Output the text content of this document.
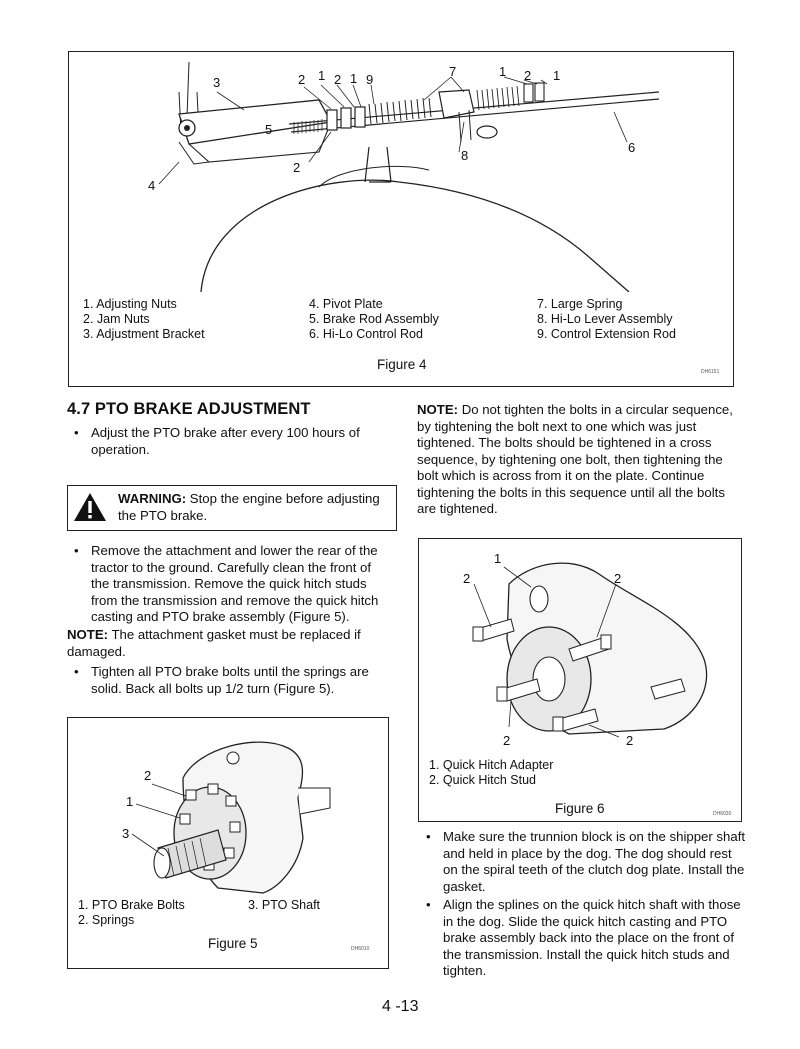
3	2 1 2 1 9
7	1 2 1
5
2
8
6
4
1. Adjusting Nuts
2. Jam Nuts
3. Adjustment Bracket
4. Pivot Plate
5. Brake Rod Assembly
6. Hi-Lo Control Rod
7. Large Spring
8. Hi-Lo Lever Assembly
9. Control Extension Rod
Figure 4	DH6151
4.7 PTO BRAKE ADJUSTMENT
• Adjust the PTO brake after every 100 hours of operation.
WARNING: Stop the engine before adjusting the PTO brake.
• Remove the attachment and lower the rear of the tractor to the ground. Carefully clean the front of the transmission. Remove the quick hitch studs from the transmission and remove the quick hitch casting and PTO brake assembly (Figure 5).
NOTE: The attachment gasket must be replaced if damaged.
• Tighten all PTO brake bolts until the springs are solid. Back all bolts up 1/2 turn (Figure 5).
2
1
3
1. PTO Brake Bolts
2. Springs
3. PTO Shaft
Figure 5	DH6010
NOTE: Do not tighten the bolts in a circular sequence, by tightening the bolt next to one which was just tightened. The bolts should be tightened in a cross sequence, by tightening one bolt, then tightening the bolt which is across from it on the plate. Continue tightening the bolts in this sequence until all the bolts are tightened.
1
2	2
2	2
1. Quick Hitch Adapter
2. Quick Hitch Stud
Figure 6	DH6030
• Make sure the trunnion block is on the shipper shaft and held in place by the dog. The dog should rest on the spiral teeth of the clutch dog plate. Install the gasket.
• Align the splines on the quick hitch shaft with those in the dog. Slide the quick hitch casting and PTO brake assembly back into the place on the front of the transmission. Install the quick hitch studs and tighten.
4 -13
